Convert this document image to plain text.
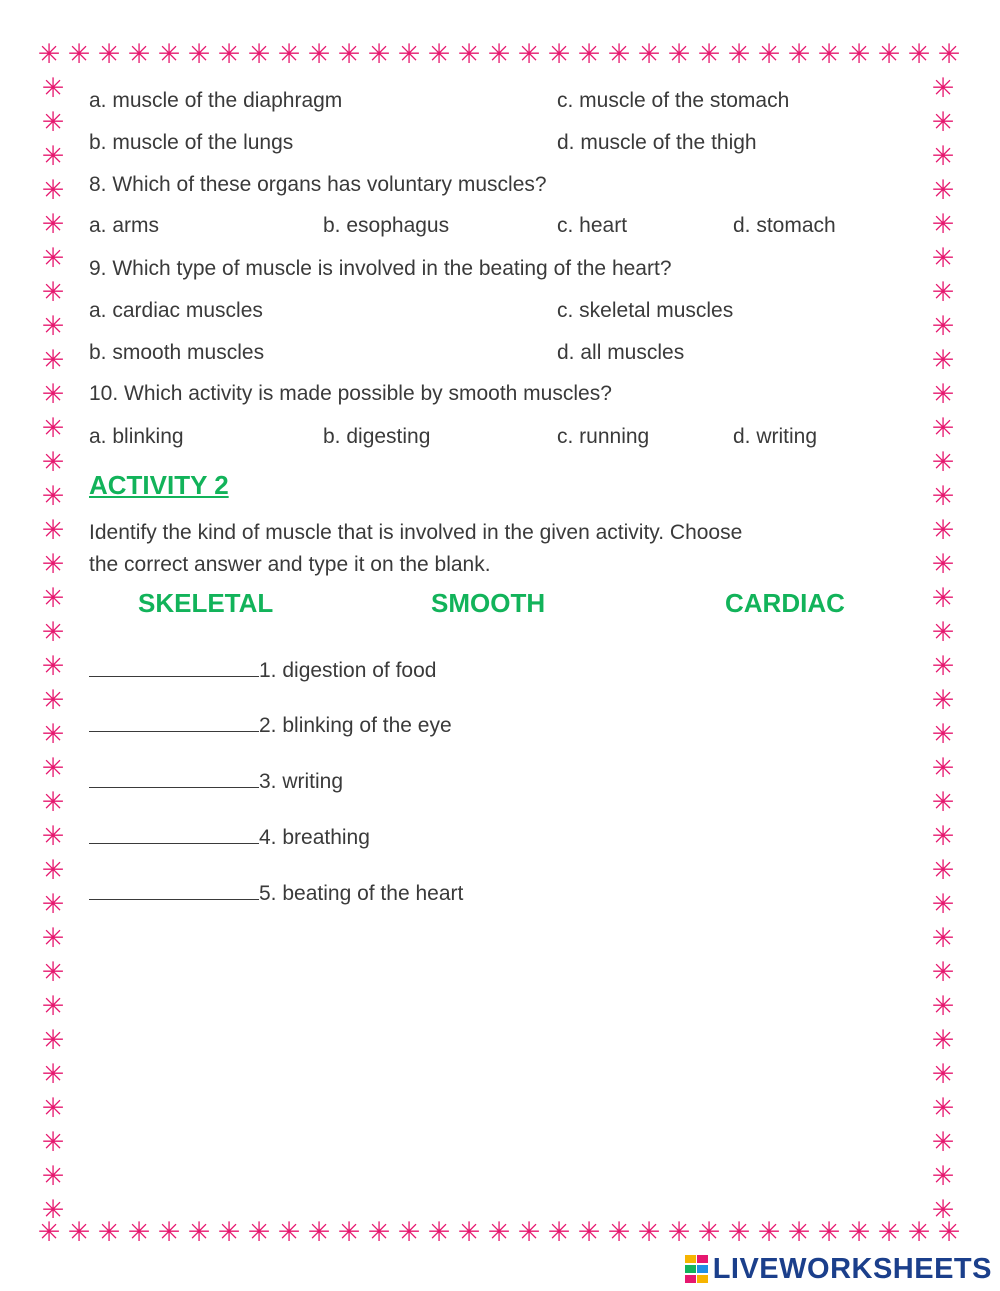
✳ ✳ ✳ ✳ ✳ ✳ ✳ ✳ ✳ ✳ ✳ ✳ ✳ ✳ ✳ ✳ ✳ ✳ ✳ ✳ ✳ ✳ ✳ ✳ ✳ ✳ ✳ ✳ ✳ ✳ ✳
✳ ✳ ✳ ✳ ✳ ✳ ✳ ✳ ✳ ✳ ✳ ✳ ✳ ✳ ✳ ✳ ✳ ✳ ✳ ✳ ✳ ✳ ✳ ✳ ✳ ✳ ✳ ✳ ✳ ✳ ✳
✳
✳
✳
✳
✳
✳
✳
✳
✳
✳
✳
✳
✳
✳
✳
✳
✳
✳
✳
✳
✳
✳
✳
✳
✳
✳
✳
✳
✳
✳
✳
✳
✳
✳
✳
✳
✳
✳
✳
✳
✳
✳
✳
✳
✳
✳
✳
✳
✳
✳
✳
✳
✳
✳
✳
✳
✳
✳
✳
✳
✳
✳
✳
✳
✳
✳
✳
✳
a. muscle of the diaphragm	c. muscle of the stomach
b. muscle of the lungs	d. muscle of the thigh
8. Which of these organs has voluntary muscles?
a. arms	b. esophagus	c. heart	d. stomach
9. Which type of muscle is involved in the beating of the heart?
a. cardiac muscles	c. skeletal muscles
b. smooth muscles	d. all muscles
10. Which activity is made possible by smooth muscles?
a. blinking	b. digesting	c. running	d. writing
ACTIVITY 2
Identify the kind of muscle that is involved in the given activity. Choose
the correct answer and type it on the blank.
SKELETAL	SMOOTH	CARDIAC
1. digestion of food
2. blinking of the eye
3. writing
4. breathing
5. beating of the heart
LIVEWORKSHEETS
